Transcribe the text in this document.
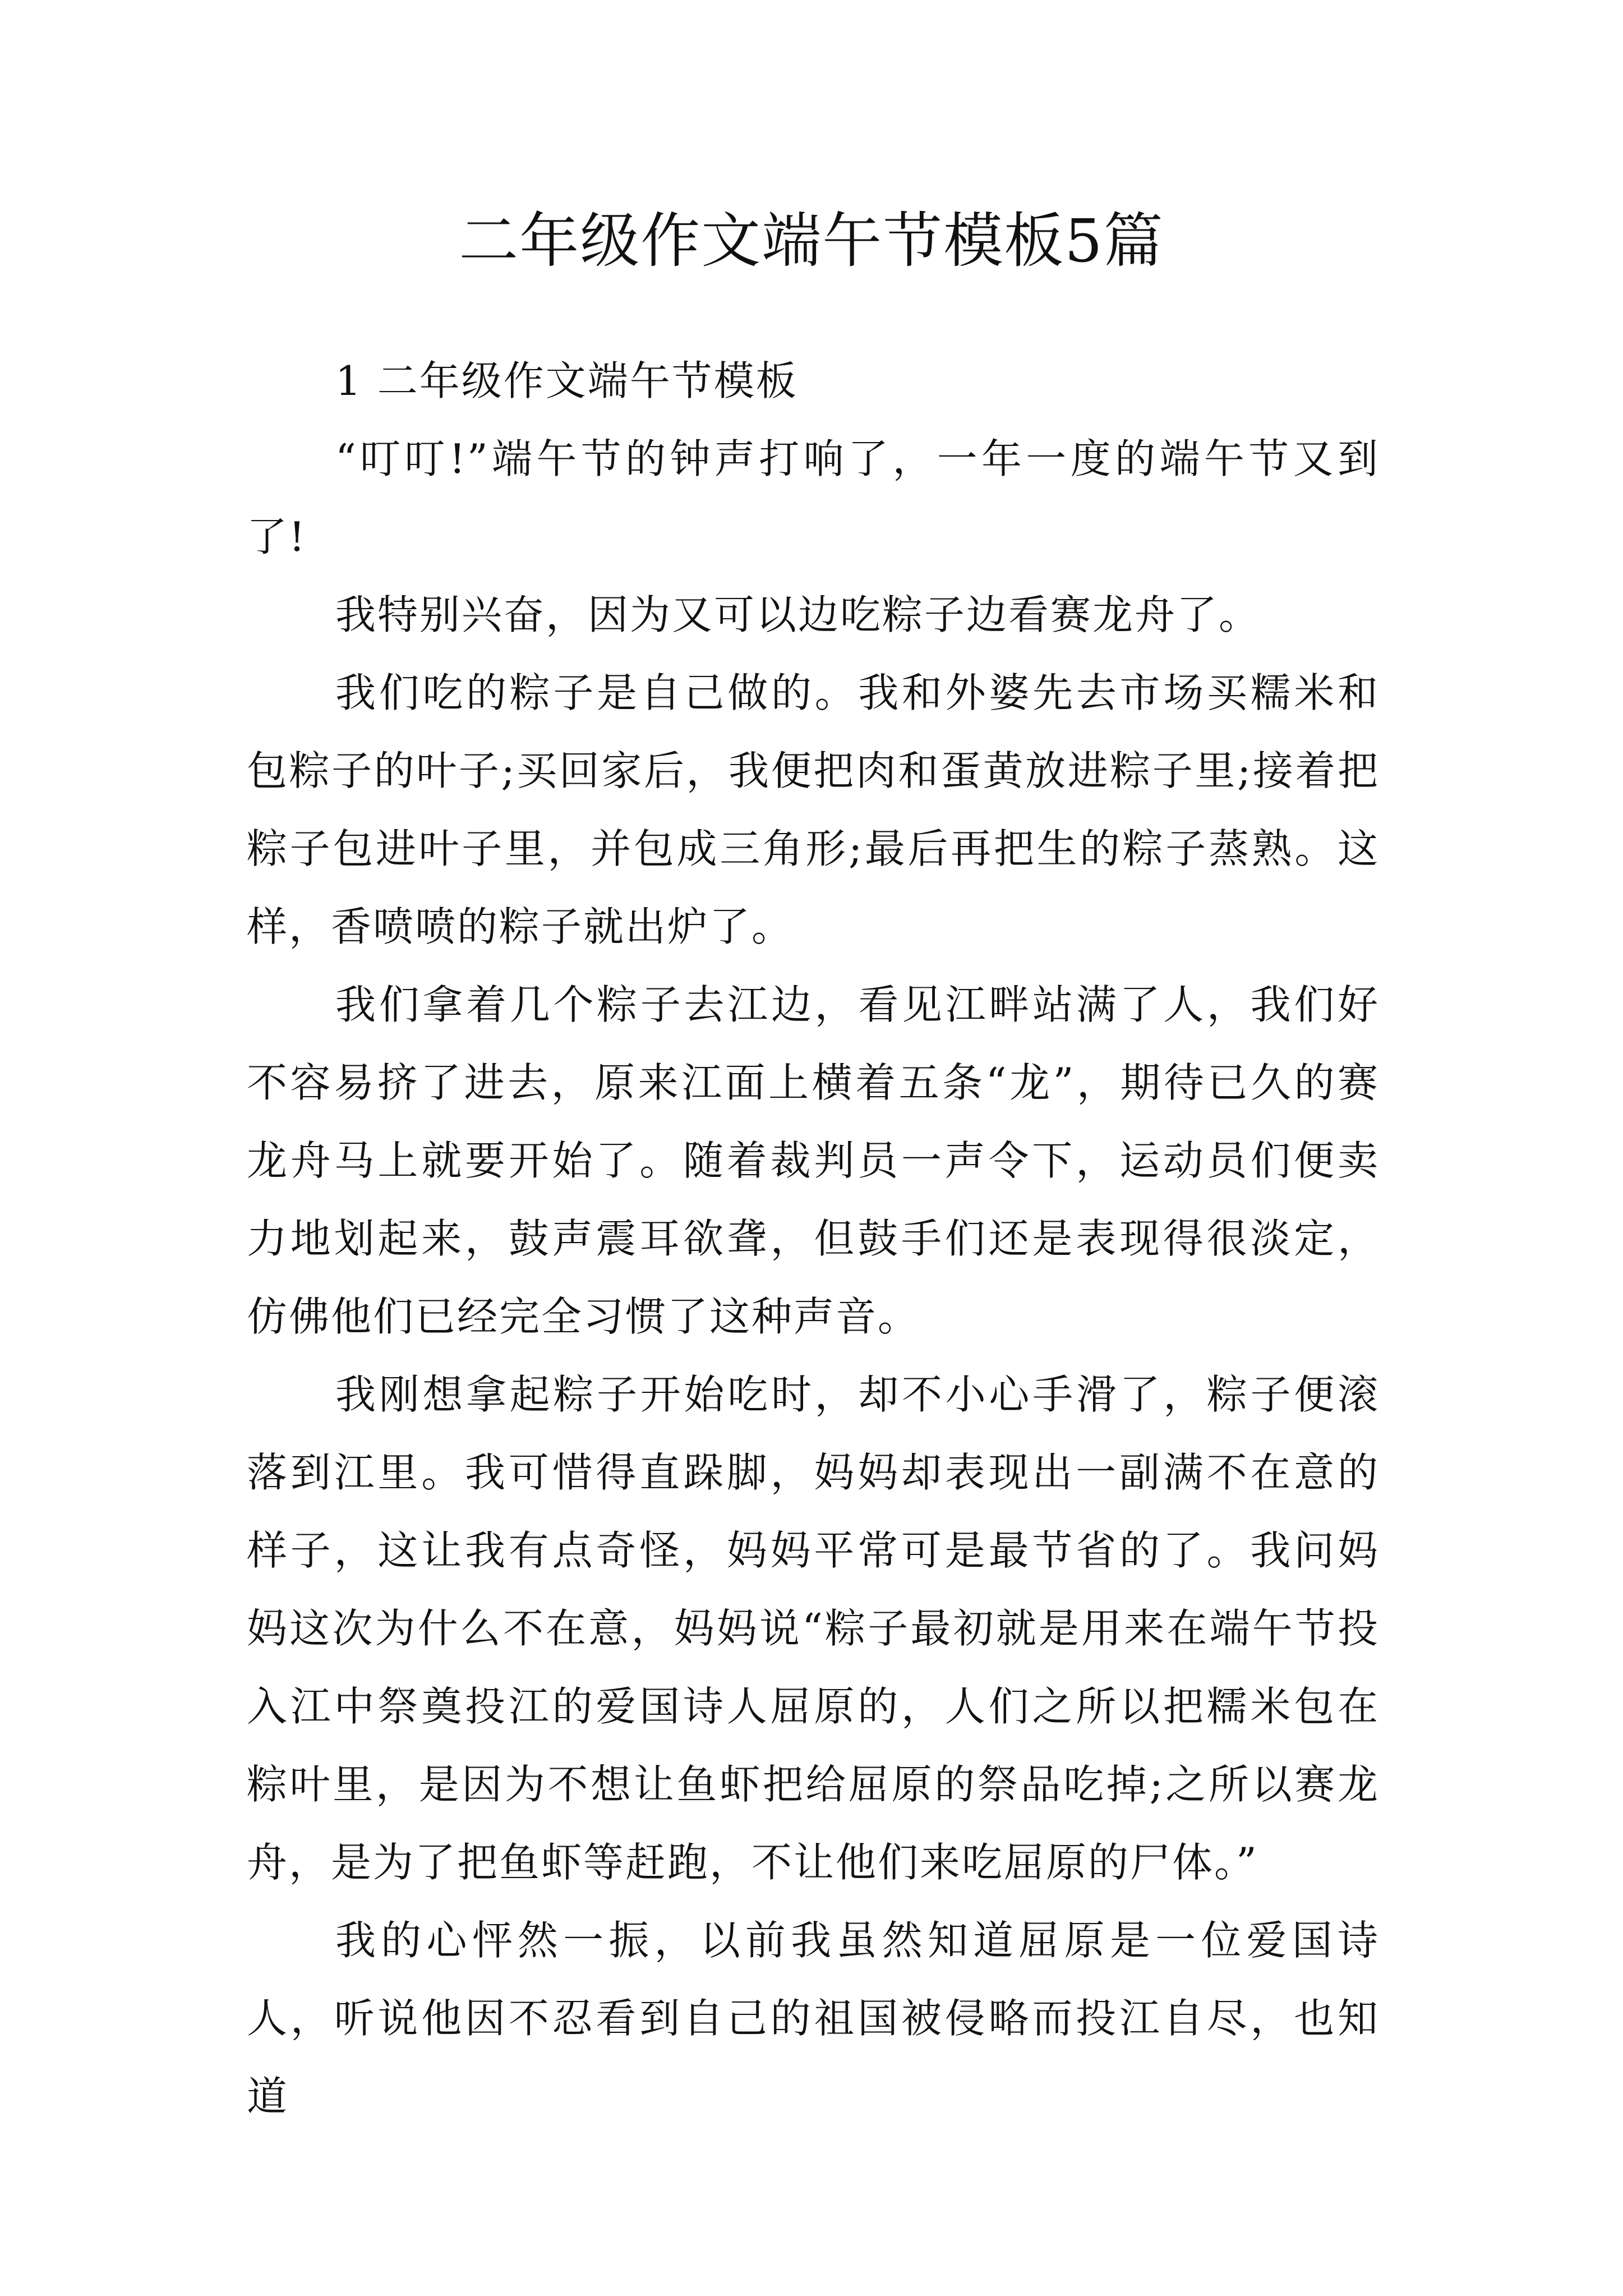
二年级作文端午节模板5篇

1 二年级作文端午节模板

“叮叮!”端午节的钟声打响了，一年一度的端午节又到了!

我特别兴奋，因为又可以边吃粽子边看赛龙舟了。

我们吃的粽子是自己做的。我和外婆先去市场买糯米和包粽子的叶子;买回家后，我便把肉和蛋黄放进粽子里;接着把粽子包进叶子里，并包成三角形;最后再把生的粽子蒸熟。这样，香喷喷的粽子就出炉了。

我们拿着几个粽子去江边，看见江畔站满了人，我们好不容易挤了进去，原来江面上横着五条“龙”，期待已久的赛龙舟马上就要开始了。随着裁判员一声令下，运动员们便卖力地划起来，鼓声震耳欲聋，但鼓手们还是表现得很淡定，仿佛他们已经完全习惯了这种声音。

我刚想拿起粽子开始吃时，却不小心手滑了，粽子便滚落到江里。我可惜得直跺脚，妈妈却表现出一副满不在意的样子，这让我有点奇怪，妈妈平常可是最节省的了。我问妈妈这次为什么不在意，妈妈说“粽子最初就是用来在端午节投入江中祭奠投江的爱国诗人屈原的，人们之所以把糯米包在粽叶里，是因为不想让鱼虾把给屈原的祭品吃掉;之所以赛龙舟，是为了把鱼虾等赶跑，不让他们来吃屈原的尸体。”

我的心怦然一振，以前我虽然知道屈原是一位爱国诗人，听说他因不忍看到自己的祖国被侵略而投江自尽，也知道
